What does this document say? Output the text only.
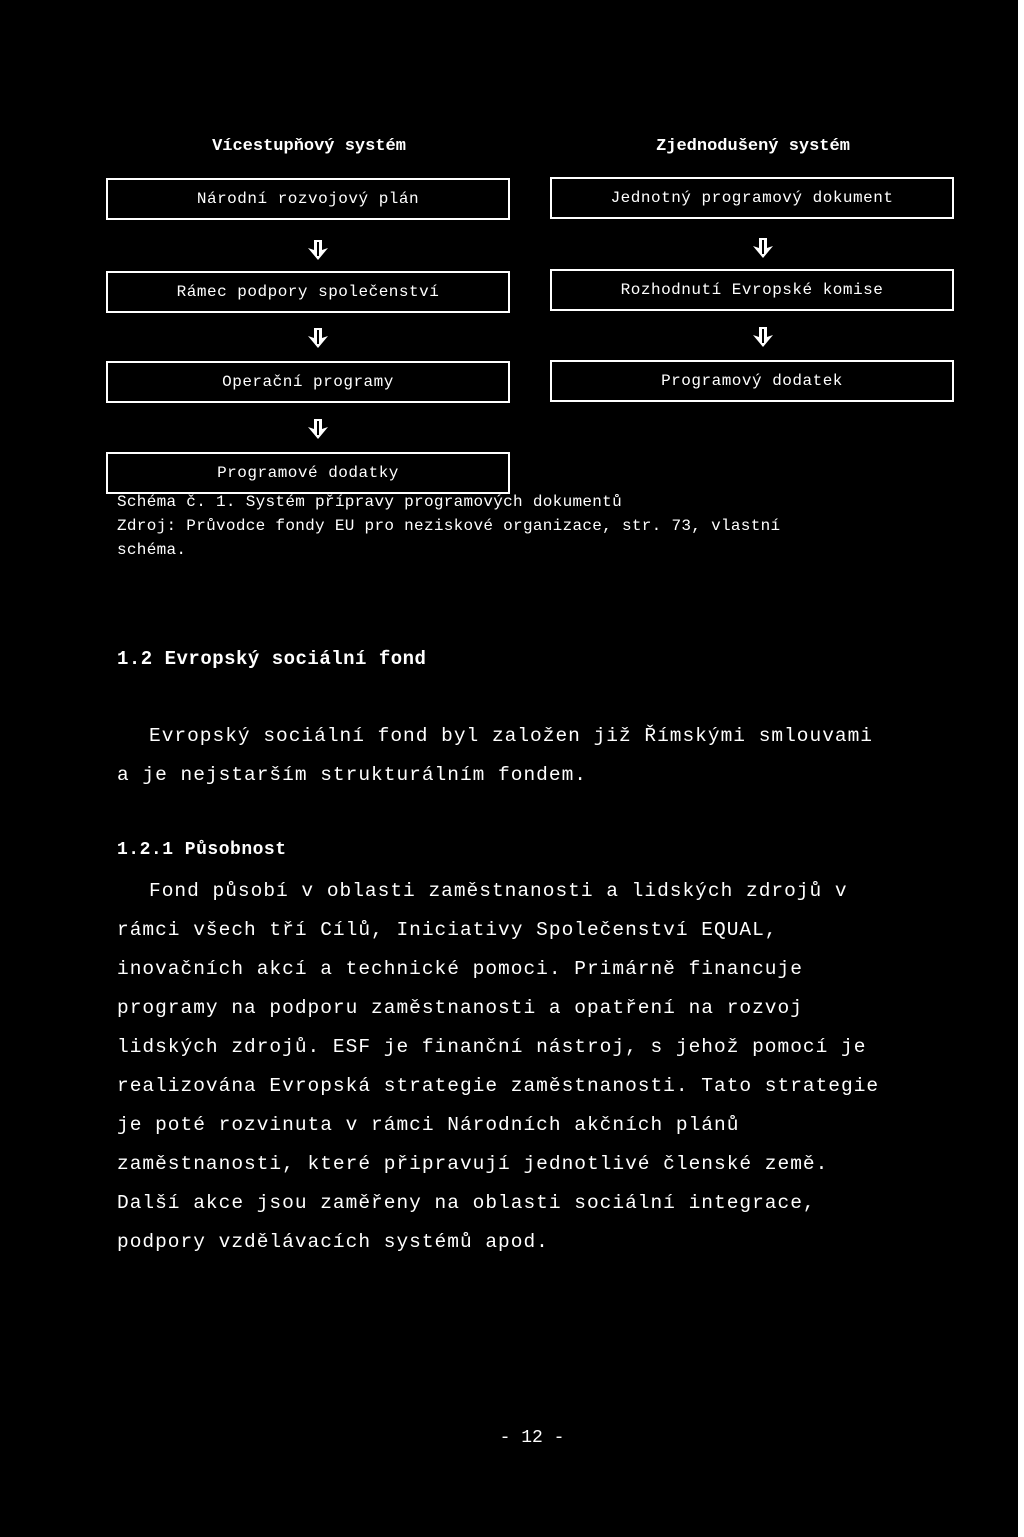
Vícestupňový systém	Zjednodušený systém
Národní rozvojový plán
Rámec podpory společenství
Operační programy
Programové dodatky
Jednotný programový dokument
Rozhodnutí Evropské komise
Programový dodatek
Schéma č. 1. Systém přípravy programových dokumentů
Zdroj: Průvodce fondy EU pro neziskové organizace, str. 73, vlastní
schéma.
1.2 Evropský sociální fond
Evropský sociální fond byl založen již Římskými smlouvami
a je nejstarším strukturálním fondem.
1.2.1 Působnost
Fond působí v oblasti zaměstnanosti a lidských zdrojů v
rámci všech tří Cílů, Iniciativy Společenství EQUAL,
inovačních akcí a technické pomoci. Primárně financuje
programy na podporu zaměstnanosti a opatření na rozvoj
lidských zdrojů. ESF je finanční nástroj, s jehož pomocí je
realizována Evropská strategie zaměstnanosti. Tato strategie
je poté rozvinuta v rámci Národních akčních plánů
zaměstnanosti, které připravují jednotlivé členské země.
Další akce jsou zaměřeny na oblasti sociální integrace,
podpory vzdělávacích systémů apod.
- 12 -
